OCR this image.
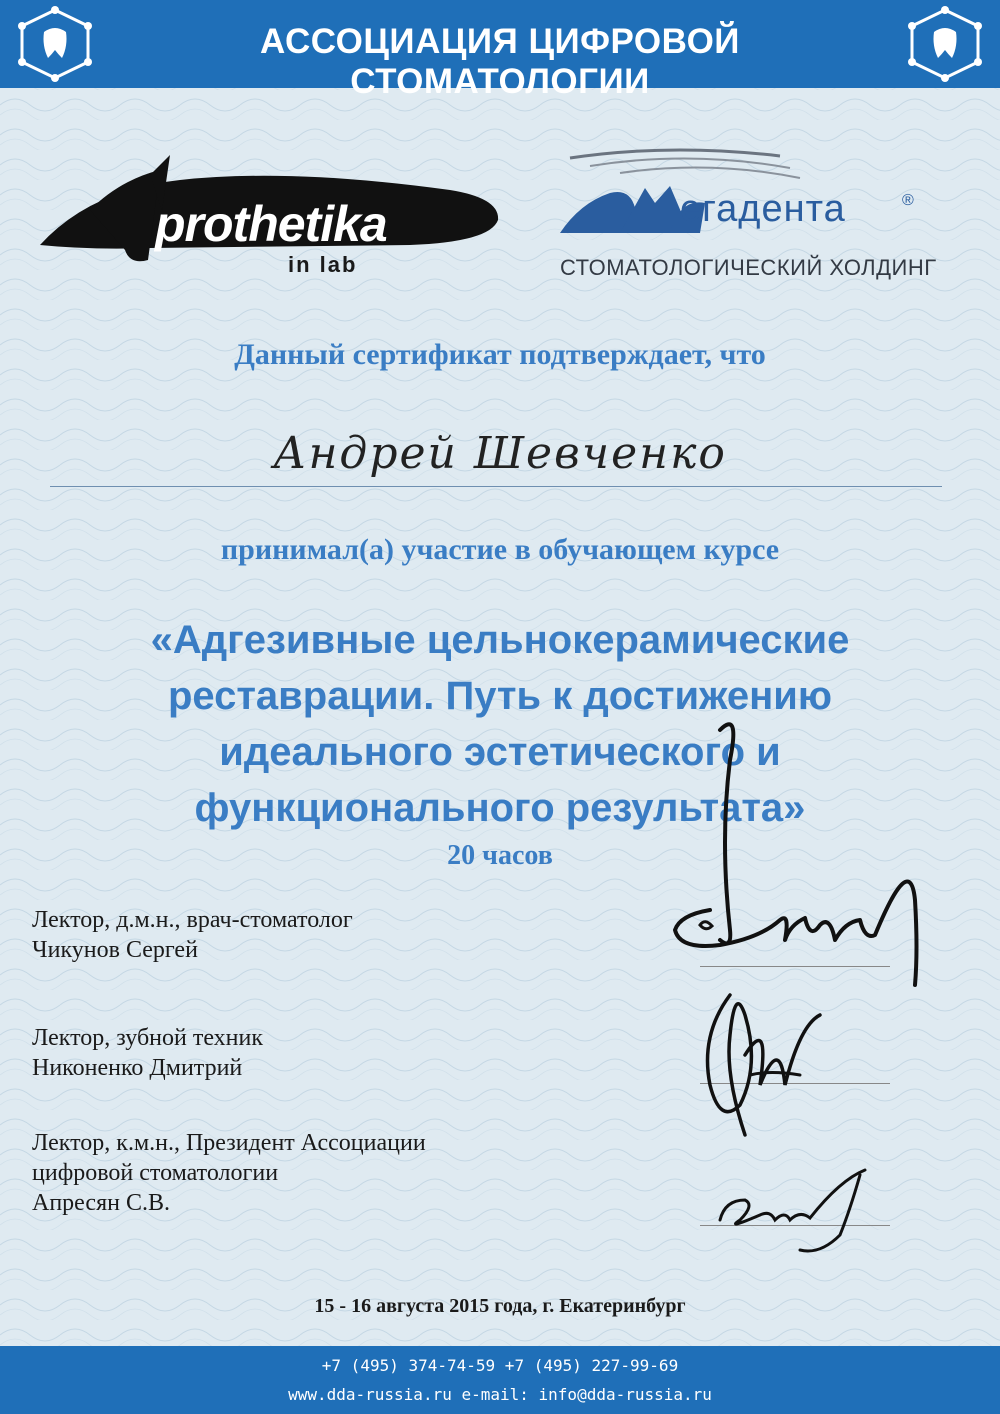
АССОЦИАЦИЯ ЦИФРОВОЙ СТОМАТОЛОГИИ
prothetika
in lab
егадента	®
СТОМАТОЛОГИЧЕСКИЙ ХОЛДИНГ
Данный сертификат подтверждает, что
Андрей Шевченко
принимал(а) участие в обучающем курсе
«Адгезивные цельнокерамические
реставрации. Путь к достижению
идеального эстетического и
функционального результата»
20 часов
Лектор, д.м.н., врач-стоматолог
Чикунов Сергей
Лектор, зубной техник
Никоненко Дмитрий
Лектор, к.м.н., Президент Ассоциации
цифровой стоматологии
Апресян С.В.
15 - 16 августа 2015 года, г. Екатеринбург
+7 (495) 374-74-59 +7 (495) 227-99-69
www.dda-russia.ru e-mail: info@dda-russia.ru
